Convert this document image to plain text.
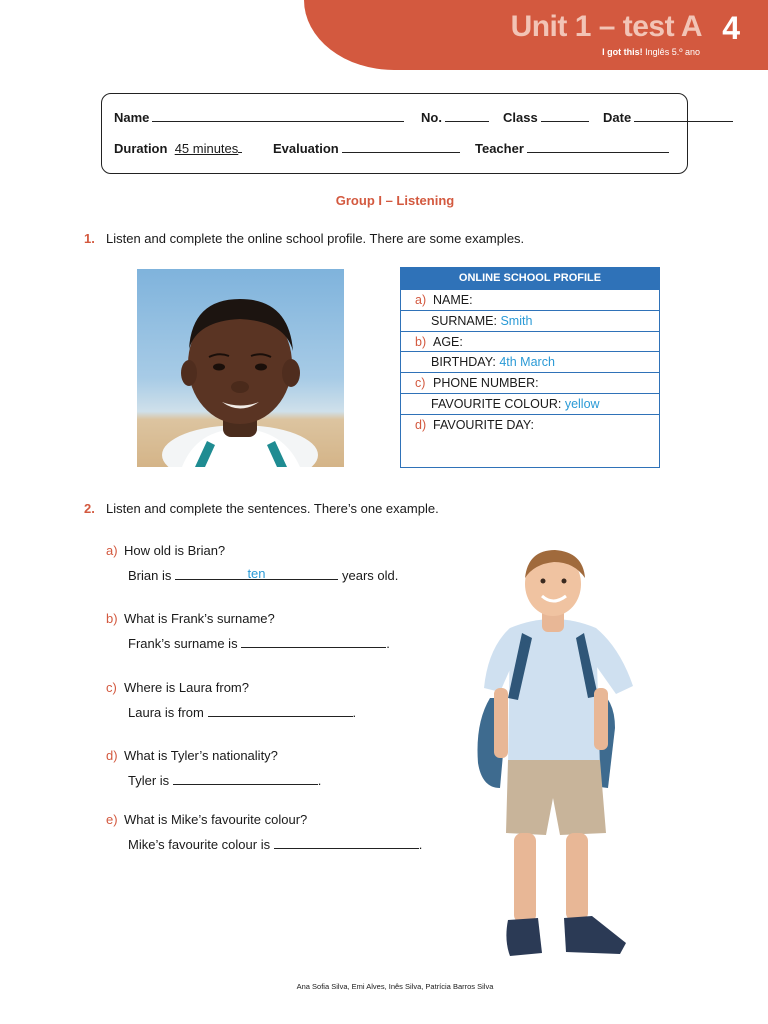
Unit 1 – test A 4
I got this! Inglês 5.º ano
Name	No.	Class	Date
Duration 45 minutes	Evaluation	Teacher
Group I – Listening
1. Listen and complete the online school profile. There are some examples.
ONLINE SCHOOL PROFILE
a) NAME:
SURNAME: Smith
b) AGE:
BIRTHDAY: 4th March
c) PHONE NUMBER:
FAVOURITE COLOUR: yellow
d) FAVOURITE DAY:
2. Listen and complete the sentences. There’s one example.
a) How old is Brian?
Brian is	ten	years old.
b) What is Frank’s surname?
Frank’s surname is	.
c) Where is Laura from?
Laura is from	.
d) What is Tyler’s nationality?
Tyler is	.
e) What is Mike’s favourite colour?
Mike’s favourite colour is	.
Ana Sofia Silva, Emi Alves, Inês Silva, Patrícia Barros Silva
